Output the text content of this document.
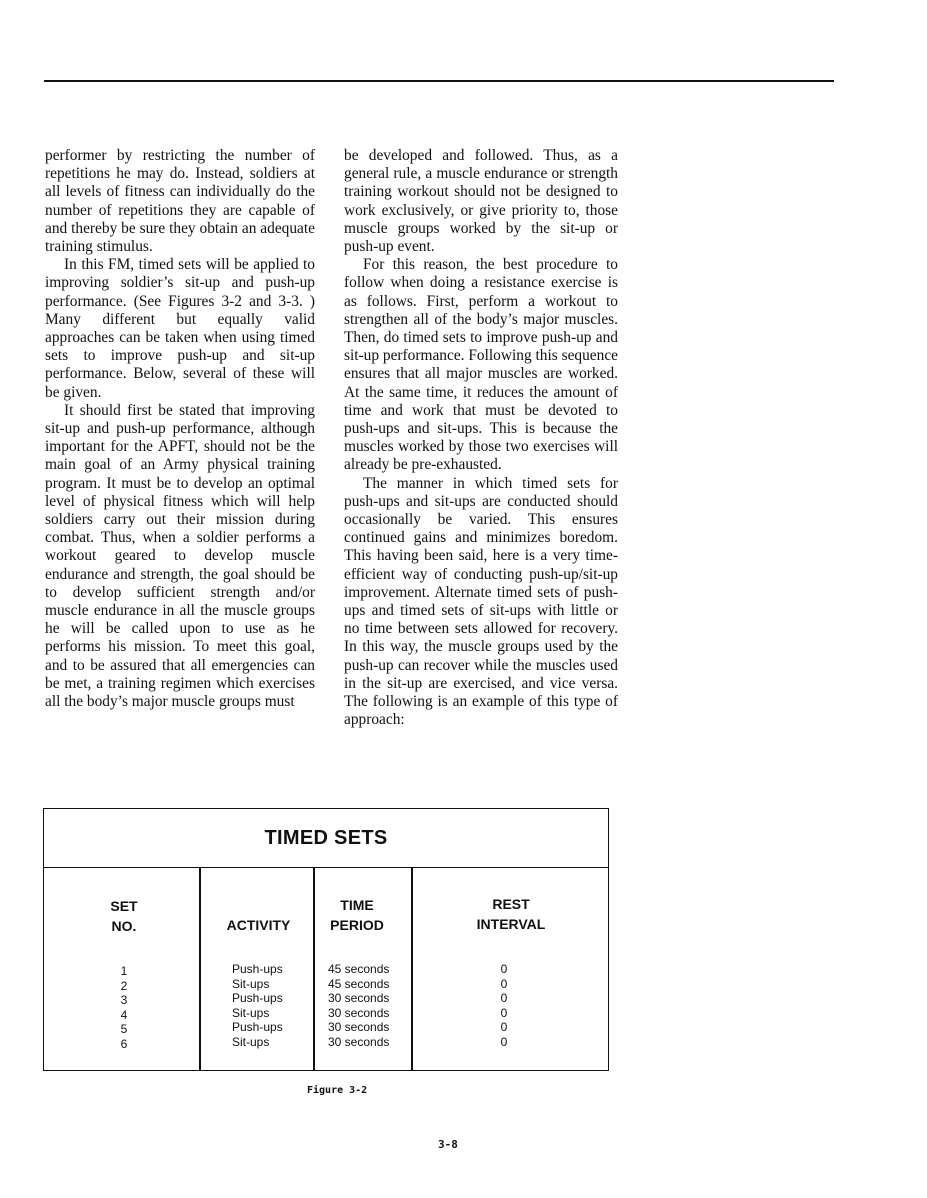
performer by restricting the number of repetitions he may do. Instead, soldiers at all levels of fitness can individually do the number of repetitions they are capable of and thereby be sure they obtain an adequate training stimulus.

In this FM, timed sets will be applied to improving soldier’s sit-up and push-up performance. (See Figures 3-2 and 3-3. ) Many different but equally valid approaches can be taken when using timed sets to improve push-up and sit-up performance. Below, several of these will be given.

It should first be stated that improving sit-up and push-up performance, although important for the APFT, should not be the main goal of an Army physical training program. It must be to develop an optimal level of physical fitness which will help soldiers carry out their mission during combat. Thus, when a soldier performs a workout geared to develop muscle endurance and strength, the goal should be to develop sufficient strength and/or muscle endurance in all the muscle groups he will be called upon to use as he performs his mission. To meet this goal, and to be assured that all emergencies can be met, a training regimen which exercises all the body’s major muscle groups must

be developed and followed. Thus, as a general rule, a muscle endurance or strength training workout should not be designed to work exclusively, or give priority to, those muscle groups worked by the sit-up or push-up event.

For this reason, the best procedure to follow when doing a resistance exercise is as follows. First, perform a workout to strengthen all of the body’s major muscles. Then, do timed sets to improve push-up and sit-up performance. Following this sequence ensures that all major muscles are worked. At the same time, it reduces the amount of time and work that must be devoted to push-ups and sit-ups. This is because the muscles worked by those two exercises will already be pre-exhausted.

The manner in which timed sets for push-ups and sit-ups are conducted should occasionally be varied. This ensures continued gains and minimizes boredom. This having been said, here is a very time-efficient way of conducting push-up/sit-up improvement. Alternate timed sets of push-ups and timed sets of sit-ups with little or no time between sets allowed for recovery. In this way, the muscle groups used by the push-up can recover while the muscles used in the sit-up are exercised, and vice versa. The following is an example of this type of approach:

TIMED SETS
SET
NO.	ACTIVITY
TIME
PERIOD
REST
INTERVAL
1
2
3
4
5
6
Push-ups
Sit-ups
Push-ups
Sit-ups
Push-ups
Sit-ups
45 seconds
45 seconds
30 seconds
30 seconds
30 seconds
30 seconds
0
0
0
0
0
0
Figure 3-2
3-8
